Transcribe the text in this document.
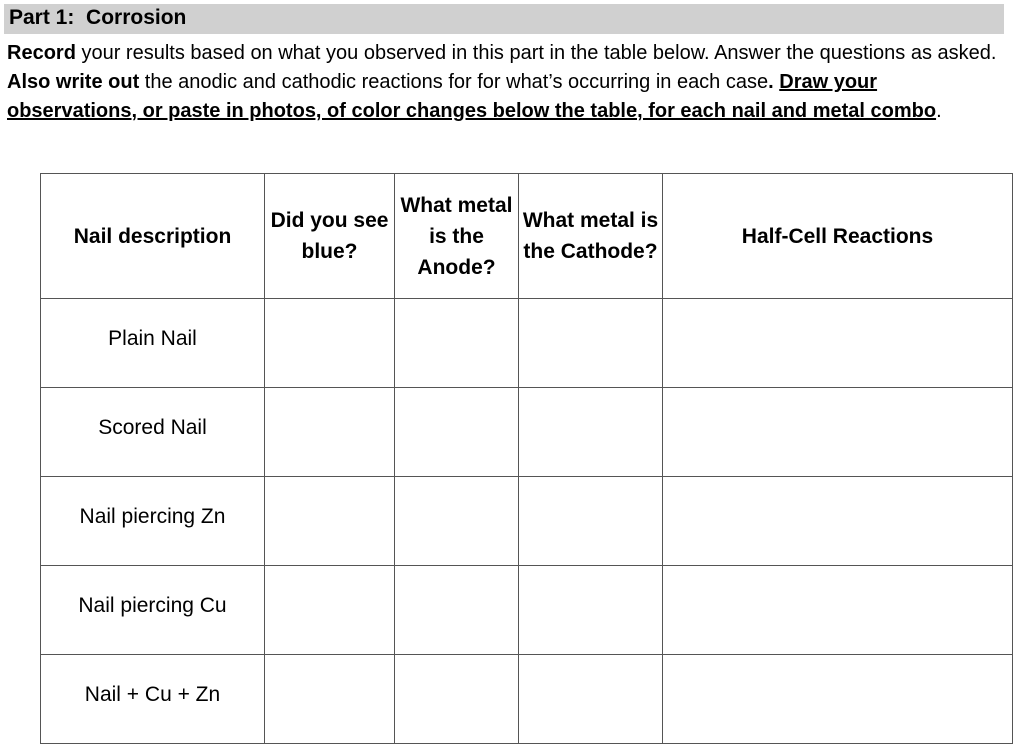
Part 1:  Corrosion
Record your results based on what you observed in this part in the table below. Answer the questions as asked. Also write out the anodic and cathodic reactions for for what’s occurring in each case. Draw your observations, or paste in photos, of color changes below the table, for each nail and metal combo.
Nail description	Did you see blue?	What metal is the Anode?	What metal is the Cathode?	Half-Cell Reactions
Plain Nail				
Scored Nail				
Nail piercing Zn				
Nail piercing Cu				
Nail + Cu + Zn				
